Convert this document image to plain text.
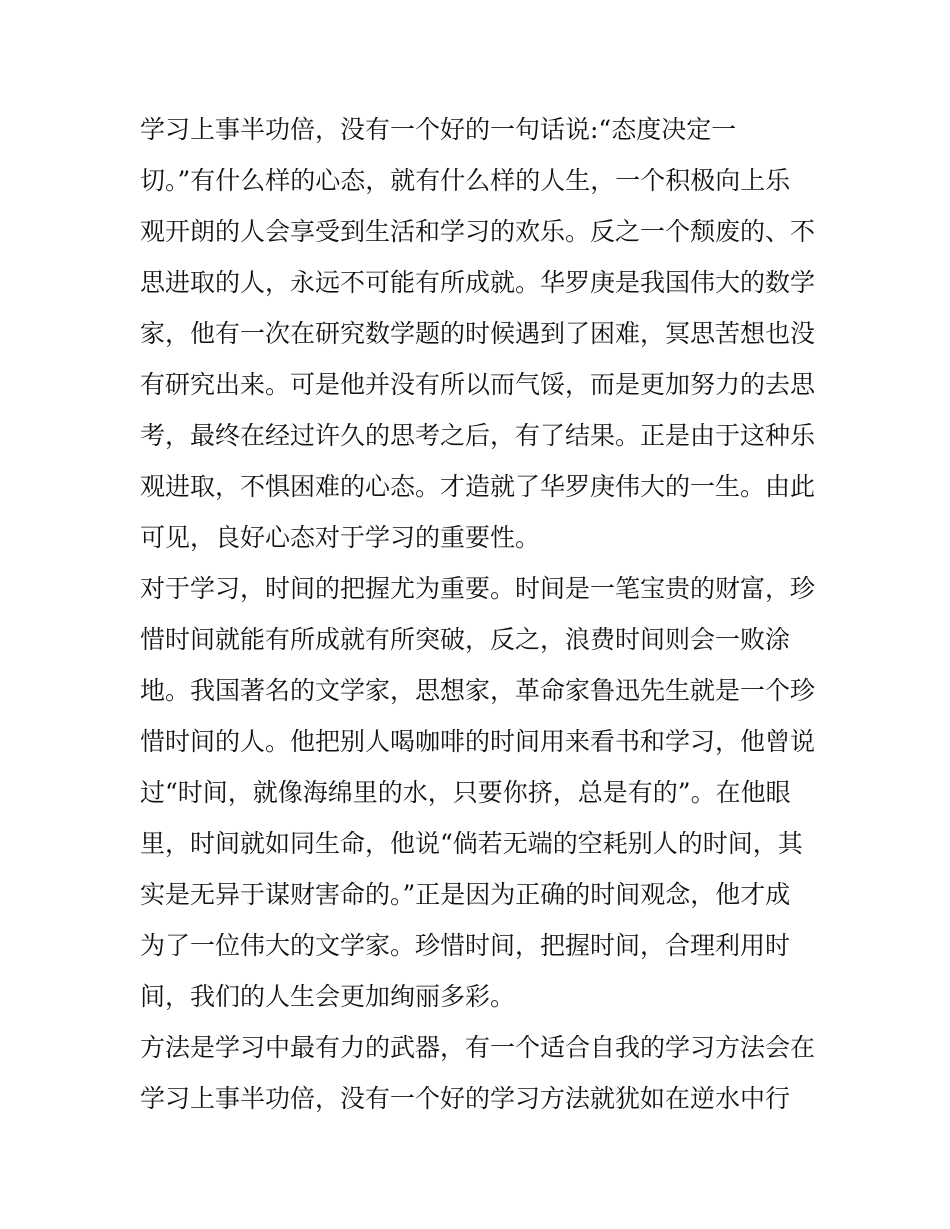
学习上事半功倍，没有一个好的一句话说:“态度决定一
切。”有什么样的心态，就有什么样的人生，一个积极向上乐
观开朗的人会享受到生活和学习的欢乐。反之一个颓废的、不
思进取的人，永远不可能有所成就。华罗庚是我国伟大的数学
家，他有一次在研究数学题的时候遇到了困难，冥思苦想也没
有研究出来。可是他并没有所以而气馁，而是更加努力的去思
考，最终在经过许久的思考之后，有了结果。正是由于这种乐
观进取，不惧困难的心态。才造就了华罗庚伟大的一生。由此
可见，良好心态对于学习的重要性。
对于学习，时间的把握尤为重要。时间是一笔宝贵的财富，珍
惜时间就能有所成就有所突破，反之，浪费时间则会一败涂
地。我国著名的文学家，思想家，革命家鲁迅先生就是一个珍
惜时间的人。他把别人喝咖啡的时间用来看书和学习，他曾说
过“时间，就像海绵里的水，只要你挤，总是有的”。在他眼
里，时间就如同生命，他说“倘若无端的空耗别人的时间，其
实是无异于谋财害命的。”正是因为正确的时间观念，他才成
为了一位伟大的文学家。珍惜时间，把握时间，合理利用时
间，我们的人生会更加绚丽多彩。
方法是学习中最有力的武器，有一个适合自我的学习方法会在
学习上事半功倍，没有一个好的学习方法就犹如在逆水中行
